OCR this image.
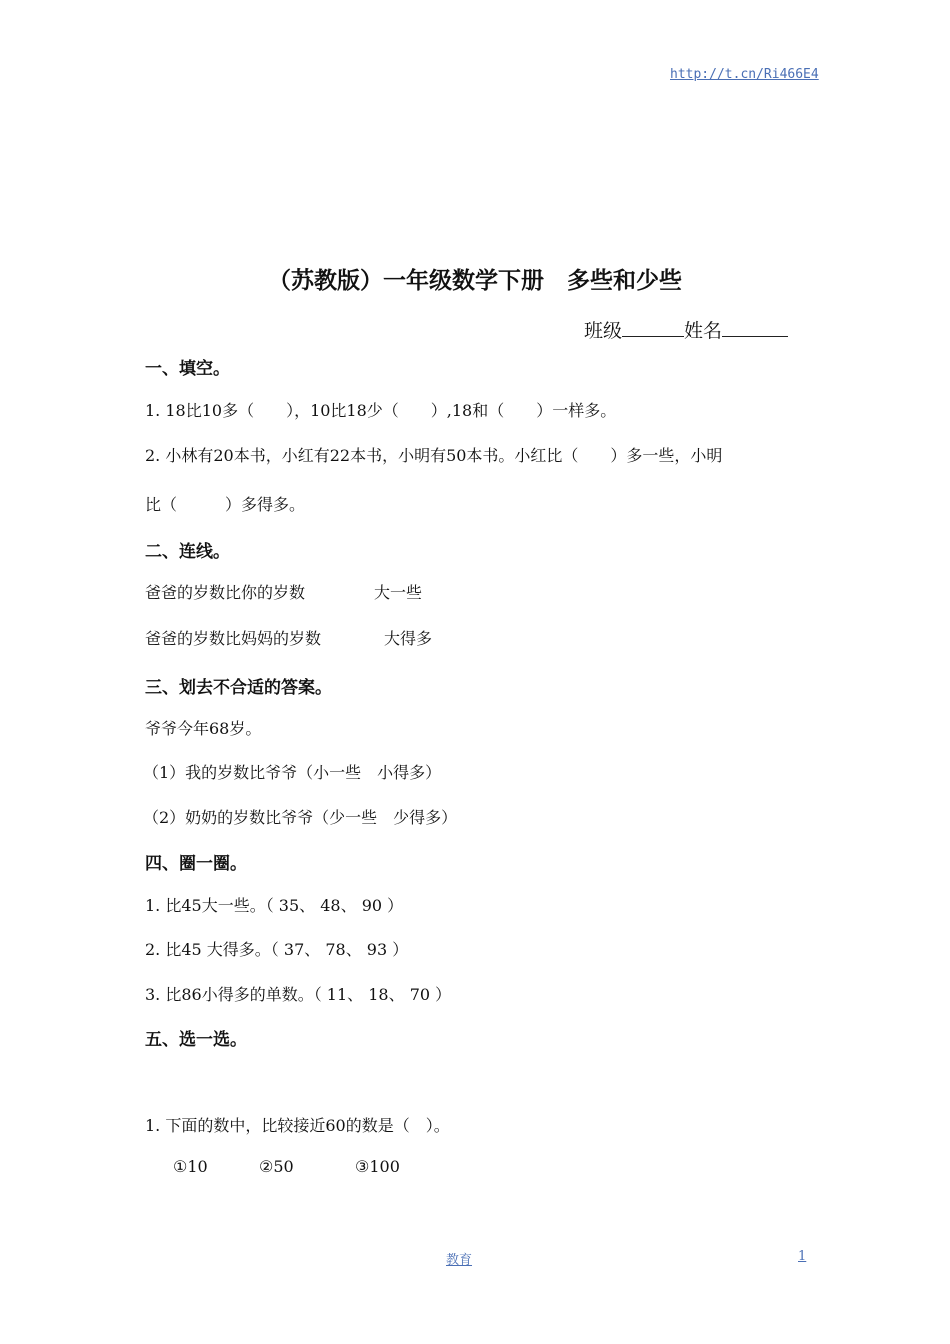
http://t.cn/Ri466E4
（苏教版）一年级数学下册　多些和少些
班级	姓名
一、填空。
1. 18比10多（　　），10比18少（　　）,18和（　　）一样多。
2. 小林有20本书，小红有22本书，小明有50本书。小红比（　　）多一些，小明
比（　　　）多得多。
二、连线。
爸爸的岁数比你的岁数	大一些
爸爸的岁数比妈妈的岁数	大得多
三、划去不合适的答案。
爷爷今年68岁。
（1）我的岁数比爷爷（小一些　小得多）
（2）奶奶的岁数比爷爷（少一些　少得多）
四、圈一圈。
1. 比45大一些。（ 35、 48、 90 ）
2. 比45 大得多。（ 37、 78、 93 ）
3. 比86小得多的单数。（ 11、 18、 70 ）
五、选一选。
1. 下面的数中，比较接近60的数是（　）。
①10	②50	③100
教育	1
